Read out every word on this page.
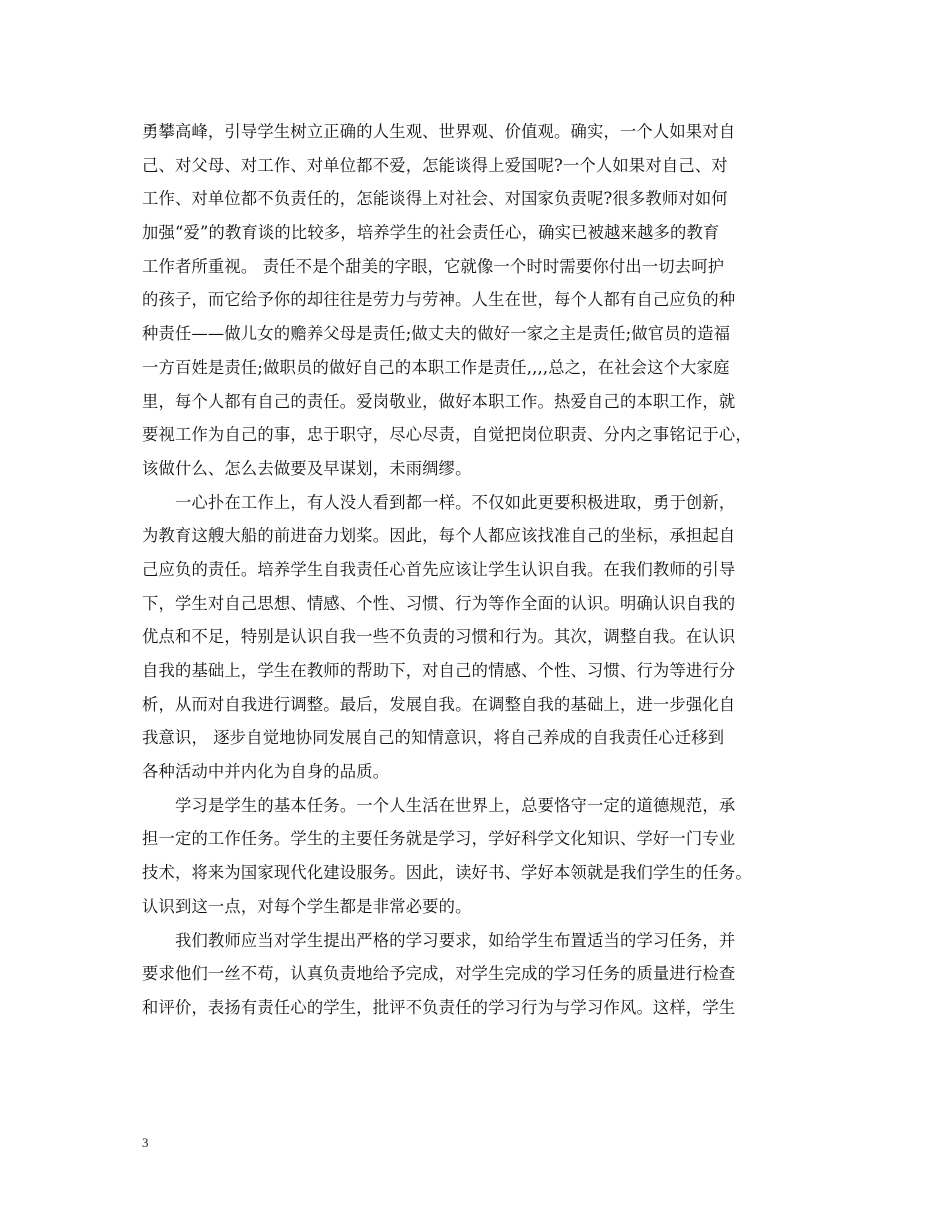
勇攀高峰，引导学生树立正确的人生观、世界观、价值观。确实，一个人如果对自
己、对父母、对工作、对单位都不爱，怎能谈得上爱国呢?一个人如果对自己、对
工作、对单位都不负责任的，怎能谈得上对社会、对国家负责呢?很多教师对如何
加强“爱”的教育谈的比较多，培养学生的社会责任心，确实已被越来越多的教育
工作者所重视。 责任不是个甜美的字眼，它就像一个时时需要你付出一切去呵护
的孩子，而它给予你的却往往是劳力与劳神。人生在世，每个人都有自己应负的种
种责任——做儿女的赡养父母是责任;做丈夫的做好一家之主是责任;做官员的造福
一方百姓是责任;做职员的做好自己的本职工作是责任,,,,总之，在社会这个大家庭
里，每个人都有自己的责任。爱岗敬业，做好本职工作。热爱自己的本职工作，就
要视工作为自己的事，忠于职守，尽心尽责，自觉把岗位职责、分内之事铭记于心，
该做什么、怎么去做要及早谋划，未雨绸缪。
一心扑在工作上，有人没人看到都一样。不仅如此更要积极进取，勇于创新，
为教育这艘大船的前进奋力划桨。因此，每个人都应该找准自己的坐标，承担起自
己应负的责任。培养学生自我责任心首先应该让学生认识自我。在我们教师的引导
下，学生对自己思想、情感、个性、习惯、行为等作全面的认识。明确认识自我的
优点和不足，特别是认识自我一些不负责的习惯和行为。其次，调整自我。在认识
自我的基础上，学生在教师的帮助下，对自己的情感、个性、习惯、行为等进行分
析，从而对自我进行调整。最后，发展自我。在调整自我的基础上，进一步强化自
我意识， 逐步自觉地协同发展自己的知情意识，将自己养成的自我责任心迁移到
各种活动中并内化为自身的品质。
学习是学生的基本任务。一个人生活在世界上，总要恪守一定的道德规范，承
担一定的工作任务。学生的主要任务就是学习，学好科学文化知识、学好一门专业
技术，将来为国家现代化建设服务。因此，读好书、学好本领就是我们学生的任务。
认识到这一点，对每个学生都是非常必要的。
我们教师应当对学生提出严格的学习要求，如给学生布置适当的学习任务，并
要求他们一丝不苟，认真负责地给予完成，对学生完成的学习任务的质量进行检查
和评价，表扬有责任心的学生，批评不负责任的学习行为与学习作风。这样，学生
3
